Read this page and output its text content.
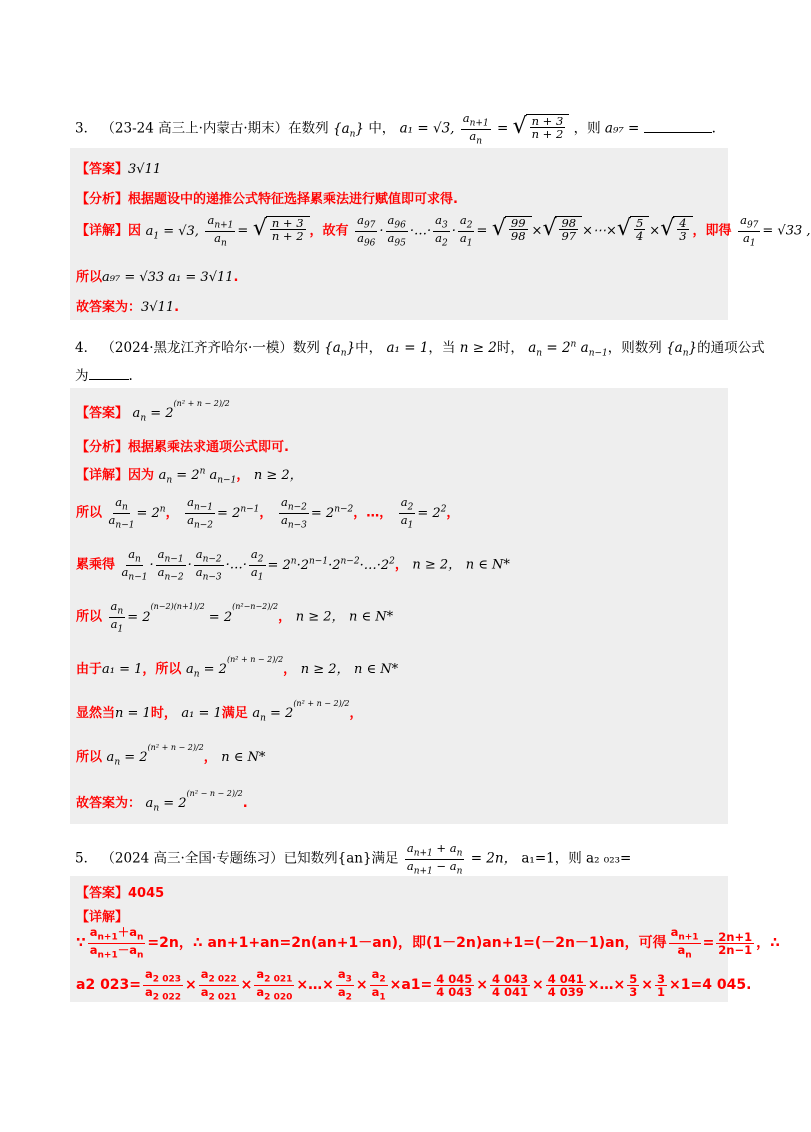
3． （23-24 高三上·内蒙古·期末）在数列 $\{a_n\}$ 中， a₁ = √3, $\frac{a_{n+1}}{a_n}$ = √ $\frac{n + 3}{n + 2}$ ，则 a₉₇ =	.
【答案】3√11
【分析】根据题设中的递推公式特征选择累乘法进行赋值即可求得.
【详解】因 $a_1 = √3$, $\frac{a_{n+1}}{a_n}$ = √ $\frac{n + 3}{n + 2}$ ，故有 $\frac{a_{97}}{a_{96}} \cdot \frac{a_{96}}{a_{95}}$ ·…· $\frac{a_3}{a_2} \cdot \frac{a_2}{a_1}$ = √ $\frac{99}{98}$ × √ $\frac{98}{97}$ ×⋯× √ $\frac{5}{4}$ × √ $\frac{4}{3}$ ，即得 $\frac{a_{97}}{a_1} = √33$ ,
所以a₉₇ = √33 a₁ = 3√11.
故答案为：3√11.
4． （2024·黑龙江齐齐哈尔·一模）数列 $\{a_n\}$中， a₁ = 1，当 n ≥ 2时， $a_n = 2^n$ $a_{n-1}$，则数列 $\{a_n\}$的通项公式
为	.
【答案】 $a_n = 2^{(n^2 + n - 2)/2}$
【分析】根据累乘法求通项公式即可.
【详解】因为 $a_n = 2^n$ $a_{n-1}$， n ≥ 2，
所以 $\frac{a_n}{a_{n-1}} = 2^n$， $\frac{a_{n-1}}{a_{n-2}} = 2^{n-1}$， $\frac{a_{n-2}}{a_{n-3}} = 2^{n-2}$，…， $\frac{a_2}{a_1} = 2^2$，
累乘得 $\frac{a_n}{a_{n-1}} \cdot \frac{a_{n-1}}{a_{n-2}} \cdot \frac{a_{n-2}}{a_{n-3}}$ ·…· $\frac{a_2}{a_1}$ = $2^n\cdot 2^{n-1}\cdot 2^{n-2}\cdot\dots\cdot 2^2$， n ≥ 2， n ∈ N*
所以 $\frac{a_n}{a_1} = 2^{(n-2)(n+1)/2} = 2^{(n^2-n-2)/2}$， n ≥ 2， n ∈ N*
由于a₁ = 1，所以 $a_n = 2^{(n^2 + n - 2)/2}$， n ≥ 2， n ∈ N*
显然当n = 1时， a₁ = 1满足 $a_n = 2^{(n^2 + n - 2)/2}$，
所以 $a_n = 2^{(n^2 + n - 2)/2}$， n ∈ N*
故答案为： $a_n = 2^{(n^2 - n - 2)/2}$.
5． （2024 高三·全国·专题练习）已知数列{an}满足 $\frac{a_{n+1} + a_n}{a_{n+1} - a_n} = 2n$， a₁=1，则 a₂ ₀₂₃=
【答案】4045
【详解】
∵ $\frac{a_{n+1}+a_n}{a_{n+1}-a_n} =2n$，∴ an+1+an=2n(an+1－an)，即(1－2n)an+1=(－2n－1)an，可得 $\frac{a_{n+1}}{a_n} = \frac{2n+1}{2n-1}$ ，∴
a2 $023= \frac{a_{2 023}}{a_{2 022}} \times \frac{a_{2 022}}{a_{2 021}} \times \frac{a_{2 021}}{a_{2 020}}$ ×…× $\frac{a_3}{a_2} \times \frac{a_2}{a_1} \times a1= \frac{4 045}{4 043} \times \frac{4 043}{4 041} \times \frac{4 041}{4 039}$ ×…× $\frac{5}{3} \times \frac{3}{1} \times 1=4$ 045.
